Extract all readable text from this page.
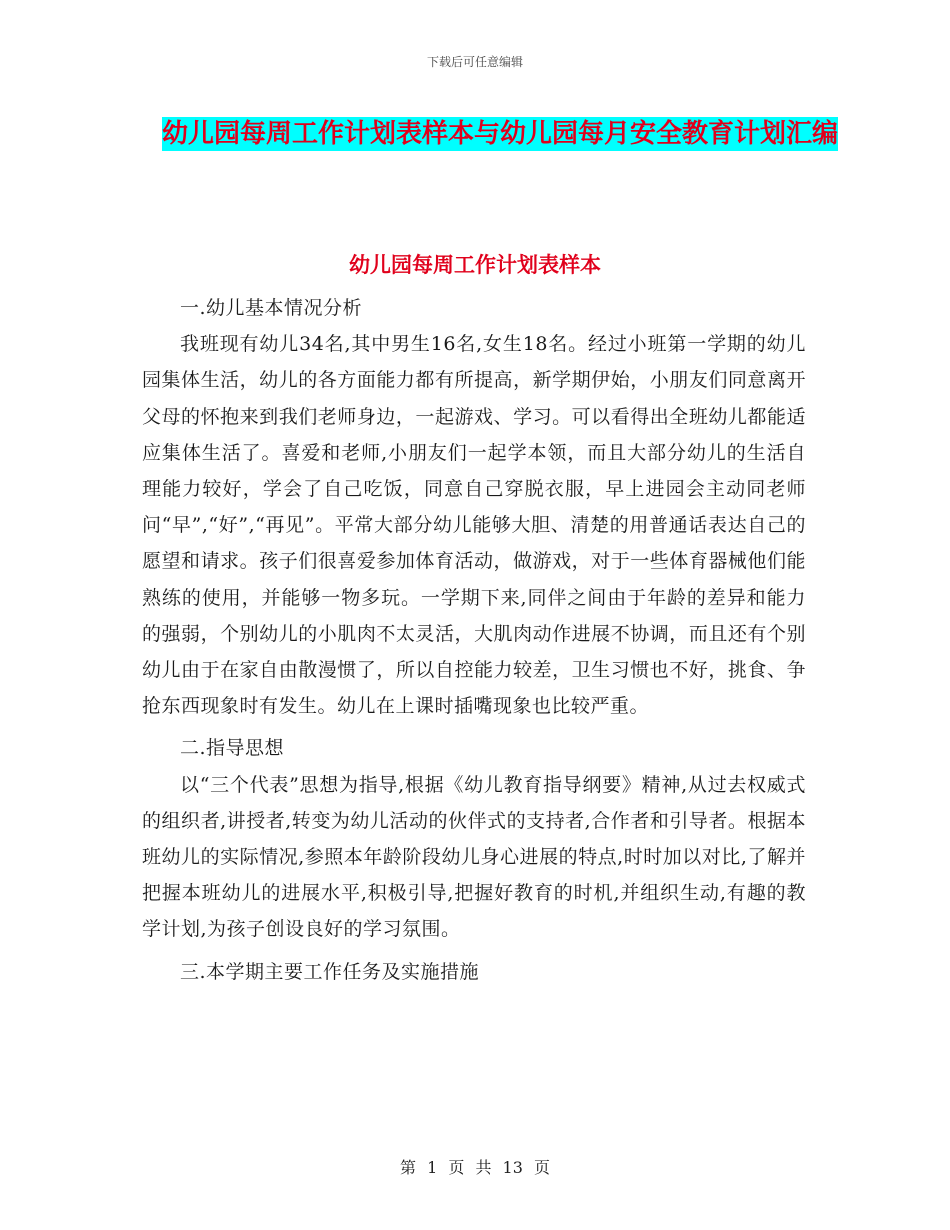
下载后可任意编辑
幼儿园每周工作计划表样本与幼儿园每月安全教育计划汇编
幼儿园每周工作计划表样本

一.幼儿基本情况分析

我班现有幼儿34名,其中男生16名,女生18名。经过小班第一学期的幼儿园集体生活，幼儿的各方面能力都有所提高，新学期伊始，小朋友们同意离开父母的怀抱来到我们老师身边，一起游戏、学习。可以看得出全班幼儿都能适应集体生活了。喜爱和老师,小朋友们一起学本领，而且大部分幼儿的生活自理能力较好，学会了自己吃饭，同意自己穿脱衣服，早上进园会主动同老师问“早”,“好”,“再见”。平常大部分幼儿能够大胆、清楚的用普通话表达自己的愿望和请求。孩子们很喜爱参加体育活动，做游戏，对于一些体育器械他们能熟练的使用，并能够一物多玩。一学期下来,同伴之间由于年龄的差异和能力的强弱，个别幼儿的小肌肉不太灵活，大肌肉动作进展不协调，而且还有个别幼儿由于在家自由散漫惯了，所以自控能力较差，卫生习惯也不好，挑食、争抢东西现象时有发生。幼儿在上课时插嘴现象也比较严重。

二.指导思想

以“三个代表”思想为指导,根据《幼儿教育指导纲要》精神,从过去权威式的组织者,讲授者,转变为幼儿活动的伙伴式的支持者,合作者和引导者。根据本班幼儿的实际情况,参照本年龄阶段幼儿身心进展的特点,时时加以对比,了解并把握本班幼儿的进展水平,积极引导,把握好教育的时机,并组织生动,有趣的教学计划,为孩子创设良好的学习氛围。

三.本学期主要工作任务及实施措施

第 1 页 共 13 页
